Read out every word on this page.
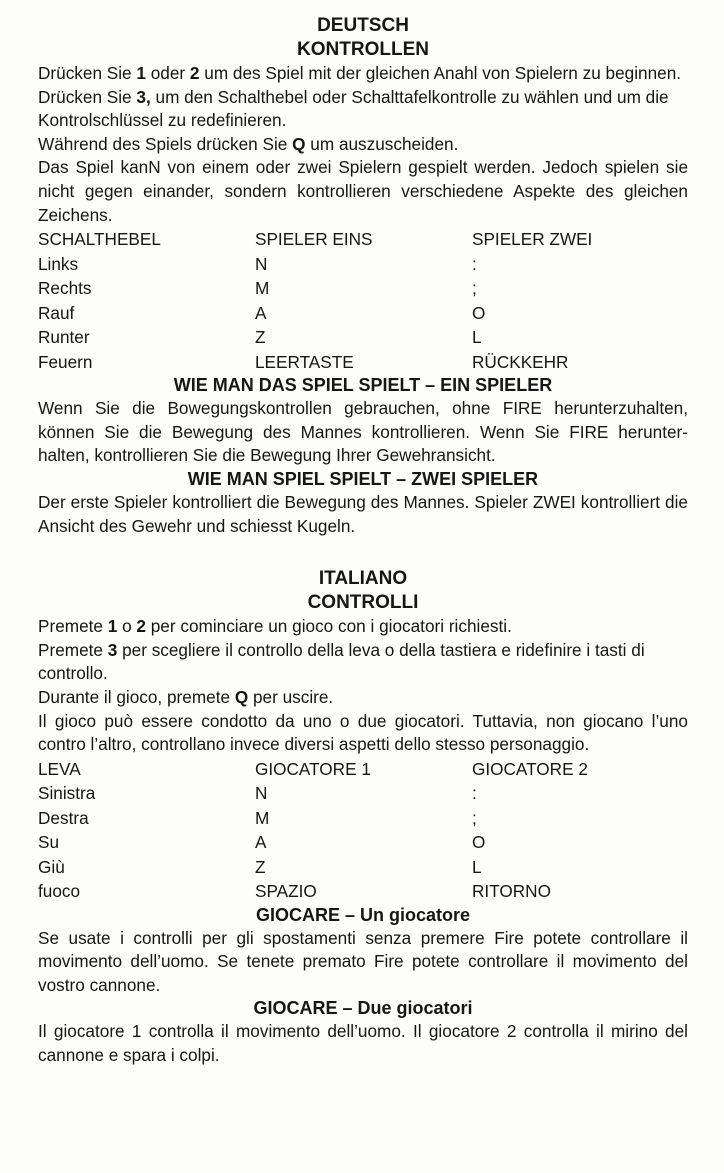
DEUTSCH
KONTROLLEN

Drücken Sie 1 oder 2 um des Spiel mit der gleichen Anahl von Spielern zu beginnen. Drücken Sie 3, um den Schalthebel oder Schalttafelkontrolle zu wählen und um die Kontrolschlüssel zu redefinieren.

Während des Spiels drücken Sie Q um auszuscheiden.

Das Spiel kanN von einem oder zwei Spielern gespielt werden. Jedoch spielen sie nicht gegen einander, sondern kontrollieren verschiedene Aspekte des gleichen Zeichens.

SCHALTHEBEL	SPIELER EINS	SPIELER ZWEI
Links	N	:
Rechts	M	;
Rauf	A	O
Runter	Z	L
Feuern	LEERTASTE	RÜCKKEHR
WIE MAN DAS SPIEL SPIELT – EIN SPIELER

Wenn Sie die Bowegungskontrollen gebrauchen, ohne FIRE herunterzuhalten, können Sie die Bewegung des Mannes kontrollieren. Wenn Sie FIRE herunter-halten, kontrollieren Sie die Bewegung Ihrer Gewehransicht.

WIE MAN SPIEL SPIELT – ZWEI SPIELER

Der erste Spieler kontrolliert die Bewegung des Mannes. Spieler ZWEI kontrolliert die Ansicht des Gewehr und schiesst Kugeln.

ITALIANO
CONTROLLI

Premete 1 o 2 per cominciare un gioco con i giocatori richiesti.

Premete 3 per scegliere il controllo della leva o della tastiera e ridefinire i tasti di controllo.

Durante il gioco, premete Q per uscire.

Il gioco può essere condotto da uno o due giocatori. Tuttavia, non giocano l’uno contro l’altro, controllano invece diversi aspetti dello stesso personaggio.

LEVA	GIOCATORE 1	GIOCATORE 2
Sinistra	N	:
Destra	M	;
Su	A	O
Giù	Z	L
fuoco	SPAZIO	RITORNO
GIOCARE – Un giocatore

Se usate i controlli per gli spostamenti senza premere Fire potete controllare il movimento dell’uomo. Se tenete premato Fire potete controllare il movimento del vostro cannone.

GIOCARE – Due giocatori

Il giocatore 1 controlla il movimento dell’uomo. Il giocatore 2 controlla il mirino del cannone e spara i colpi.
